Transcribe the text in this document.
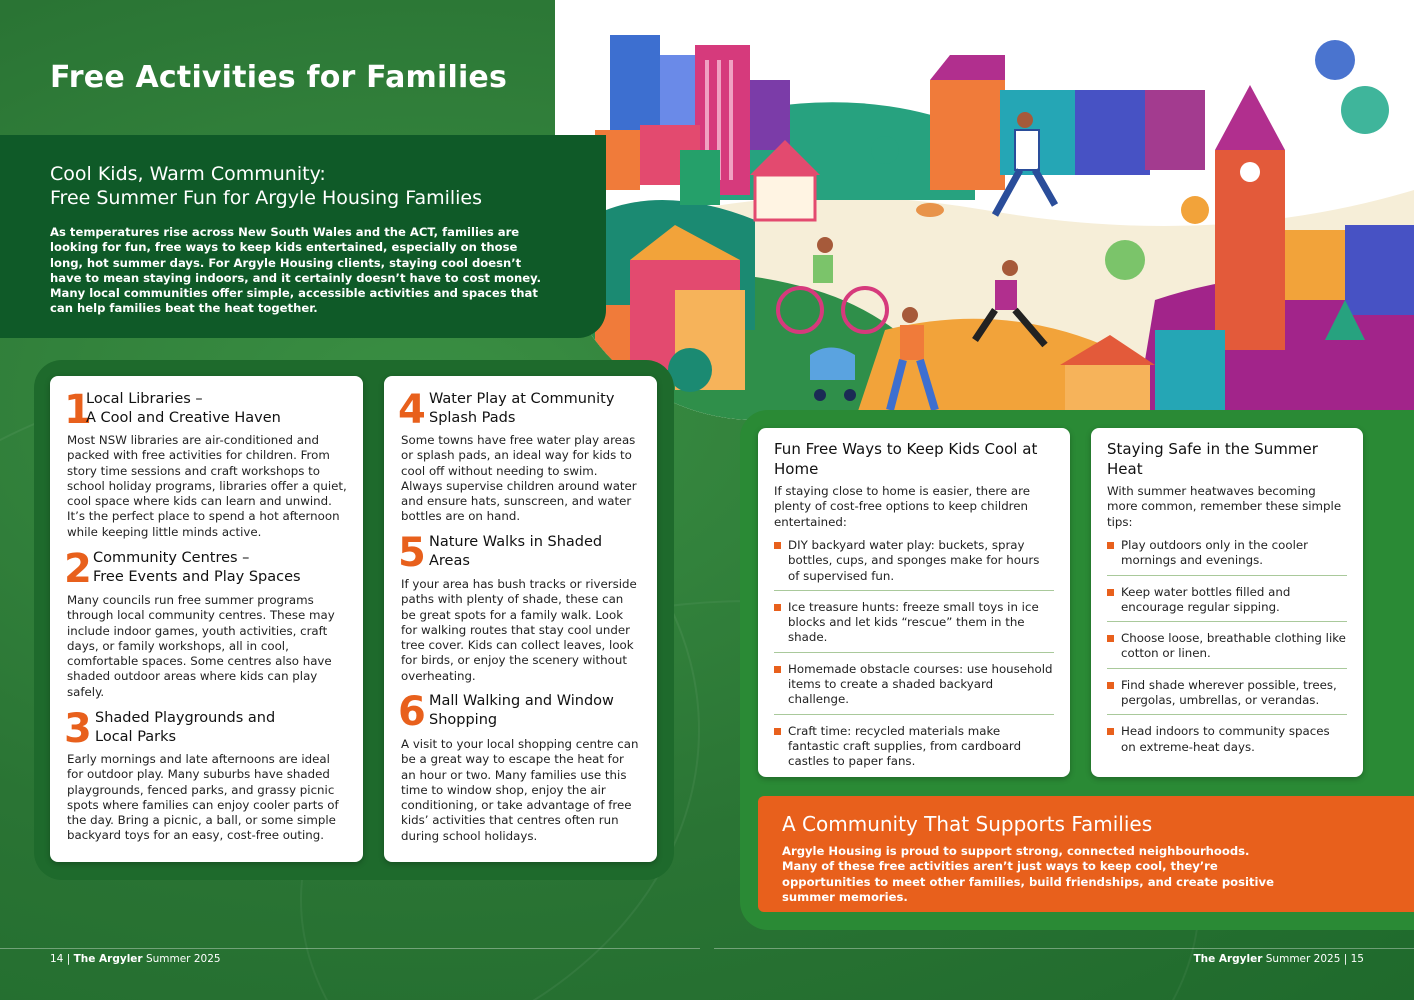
Free Activities for Families
Cool Kids, Warm Community:
Free Summer Fun for Argyle Housing Families
As temperatures rise across New South Wales and the ACT, families are looking for fun, free ways to keep kids entertained, especially on those long, hot summer days. For Argyle Housing clients, staying cool doesn’t have to mean staying indoors, and it certainly doesn’t have to cost money. Many local communities offer simple, accessible activities and spaces that can help families beat the heat together.
1
Local Libraries –
A Cool and Creative Haven
Most NSW libraries are air-conditioned and packed with free activities for children. From story time sessions and craft workshops to school holiday programs, libraries offer a quiet, cool space where kids can learn and unwind. It’s the perfect place to spend a hot afternoon while keeping little minds active.
2 Community Centres –
Free Events and Play Spaces
Many councils run free summer programs through local community centres. These may include indoor games, youth activities, craft days, or family workshops, all in cool, comfortable spaces. Some centres also have shaded outdoor areas where kids can play safely.
3 Shaded Playgrounds and
Local Parks
Early mornings and late afternoons are ideal for outdoor play. Many suburbs have shaded playgrounds, fenced parks, and grassy picnic spots where families can enjoy cooler parts of the day. Bring a picnic, a ball, or some simple backyard toys for an easy, cost-free outing.
4 Water Play at Community
Splash Pads
Some towns have free water play areas or splash pads, an ideal way for kids to cool off without needing to swim. Always supervise children around water and ensure hats, sunscreen, and water bottles are on hand.
5 Nature Walks in Shaded
Areas
If your area has bush tracks or riverside paths with plenty of shade, these can be great spots for a family walk. Look for walking routes that stay cool under tree cover. Kids can collect leaves, look for birds, or enjoy the scenery without overheating.
6 Mall Walking and Window
Shopping
A visit to your local shopping centre can be a great way to escape the heat for an hour or two. Many families use this time to window shop, enjoy the air conditioning, or take advantage of free kids’ activities that centres often run during school holidays.
Fun Free Ways to Keep Kids Cool at Home
If staying close to home is easier, there are plenty of cost-free options to keep children entertained:
DIY backyard water play: buckets, spray bottles, cups, and sponges make for hours of supervised fun.
Ice treasure hunts: freeze small toys in ice blocks and let kids “rescue” them in the shade.
Homemade obstacle courses: use household items to create a shaded backyard challenge.
Craft time: recycled materials make fantastic craft supplies, from cardboard castles to paper fans.
Staying Safe in the Summer Heat
With summer heatwaves becoming more common, remember these simple tips:
Play outdoors only in the cooler mornings and evenings.
Keep water bottles filled and encourage regular sipping.
Choose loose, breathable clothing like cotton or linen.
Find shade wherever possible, trees, pergolas, umbrellas, or verandas.
Head indoors to community spaces on extreme-heat days.
A Community That Supports Families
Argyle Housing is proud to support strong, connected neighbourhoods. Many of these free activities aren’t just ways to keep cool, they’re opportunities to meet other families, build friendships, and create positive summer memories.
14 | The Argyler Summer 2025	The Argyler Summer 2025 | 15
